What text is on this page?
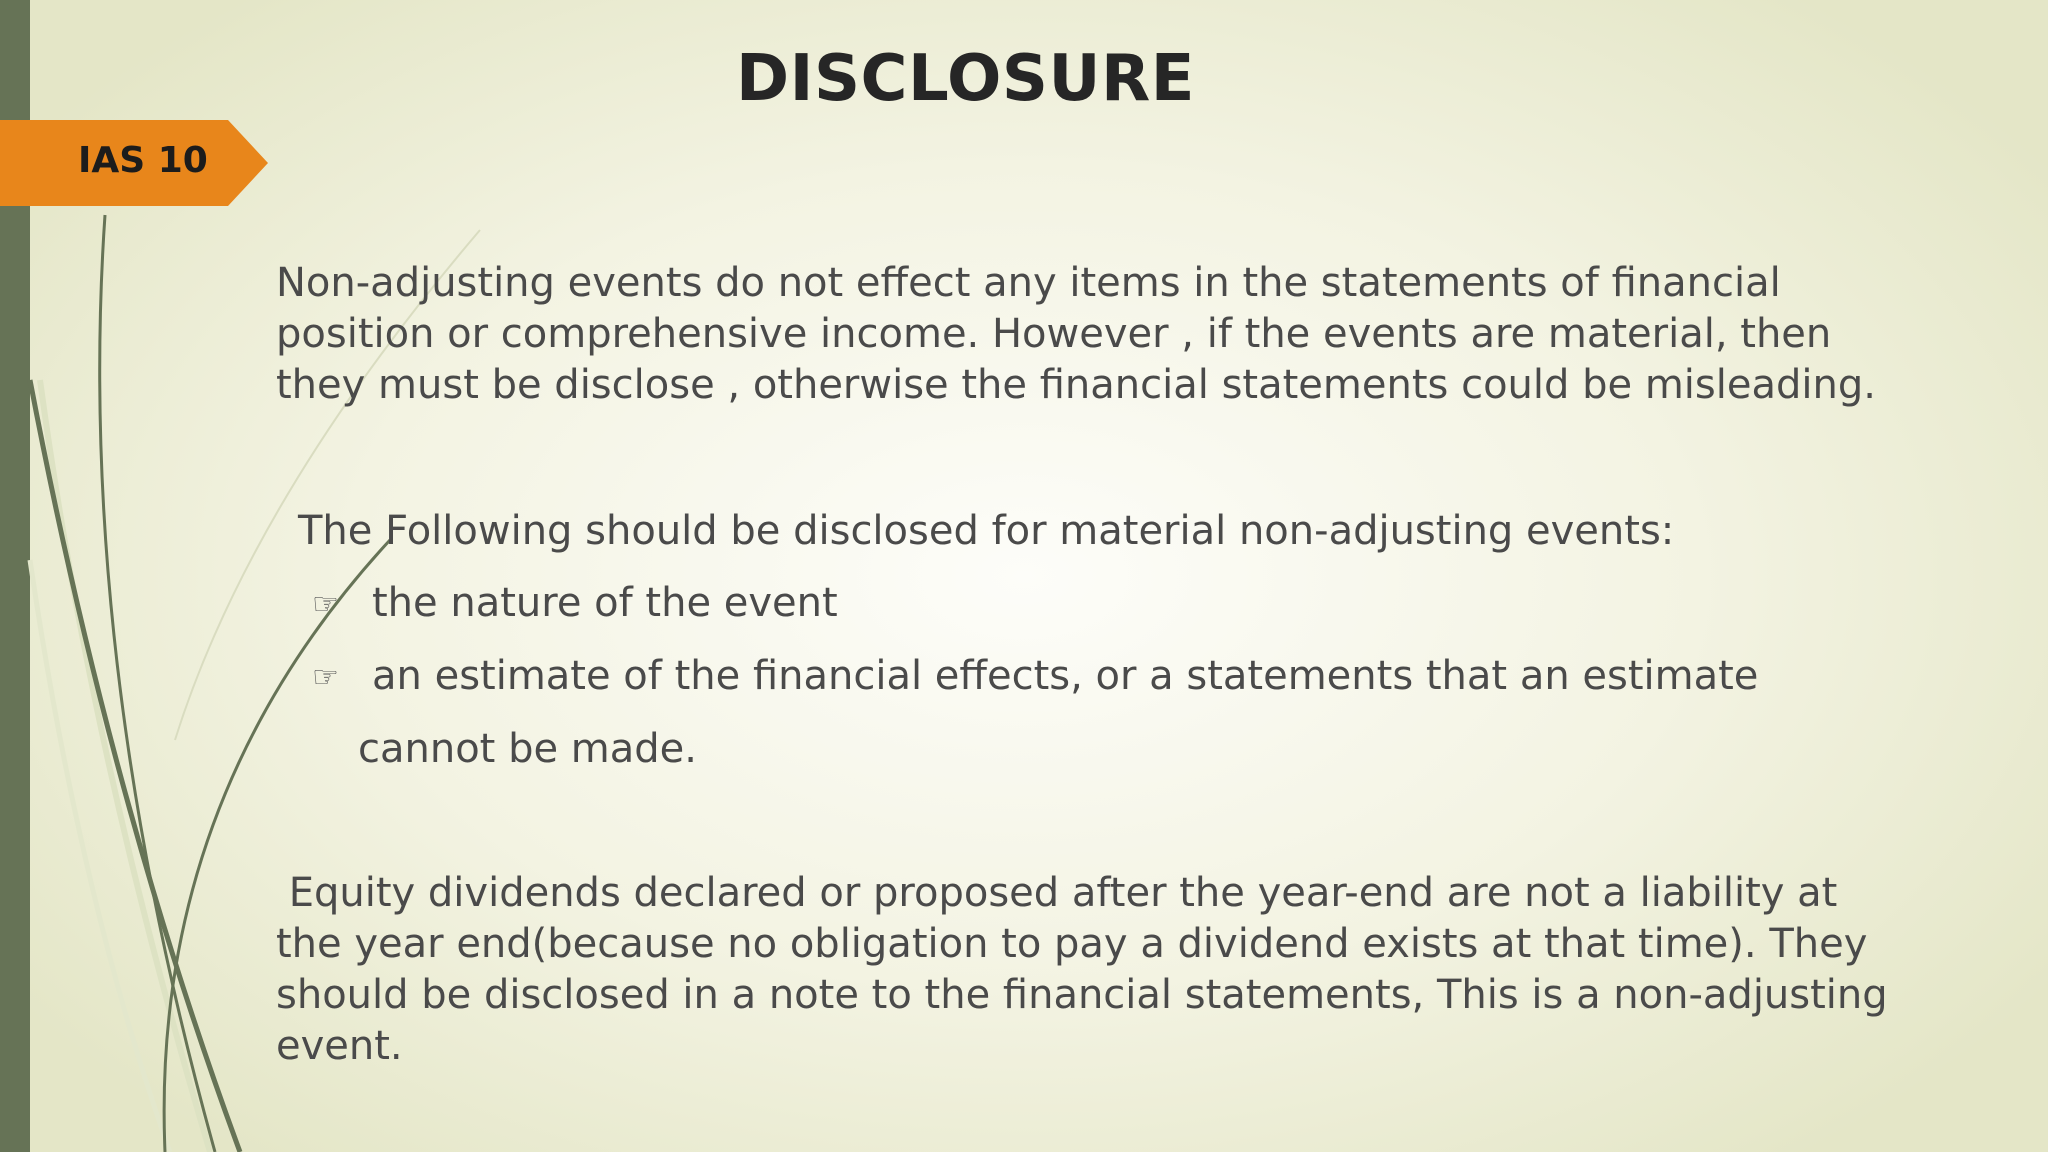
IAS 10
DISCLOSURE

Non-adjusting events do not effect any items in the statements of financial
position or comprehensive income. However , if the events are material, then
they must be disclose , otherwise the financial statements could be misleading.

The Following should be disclosed for material non-adjusting events:

☞ the nature of the event
☞ an estimate of the financial effects, or a statements that an estimate
cannot be made.

Equity dividends declared or proposed after the year-end are not a liability at
the year end(because no obligation to pay a dividend exists at that time). They
should be disclosed in a note to the financial statements, This is a non-adjusting
event.
